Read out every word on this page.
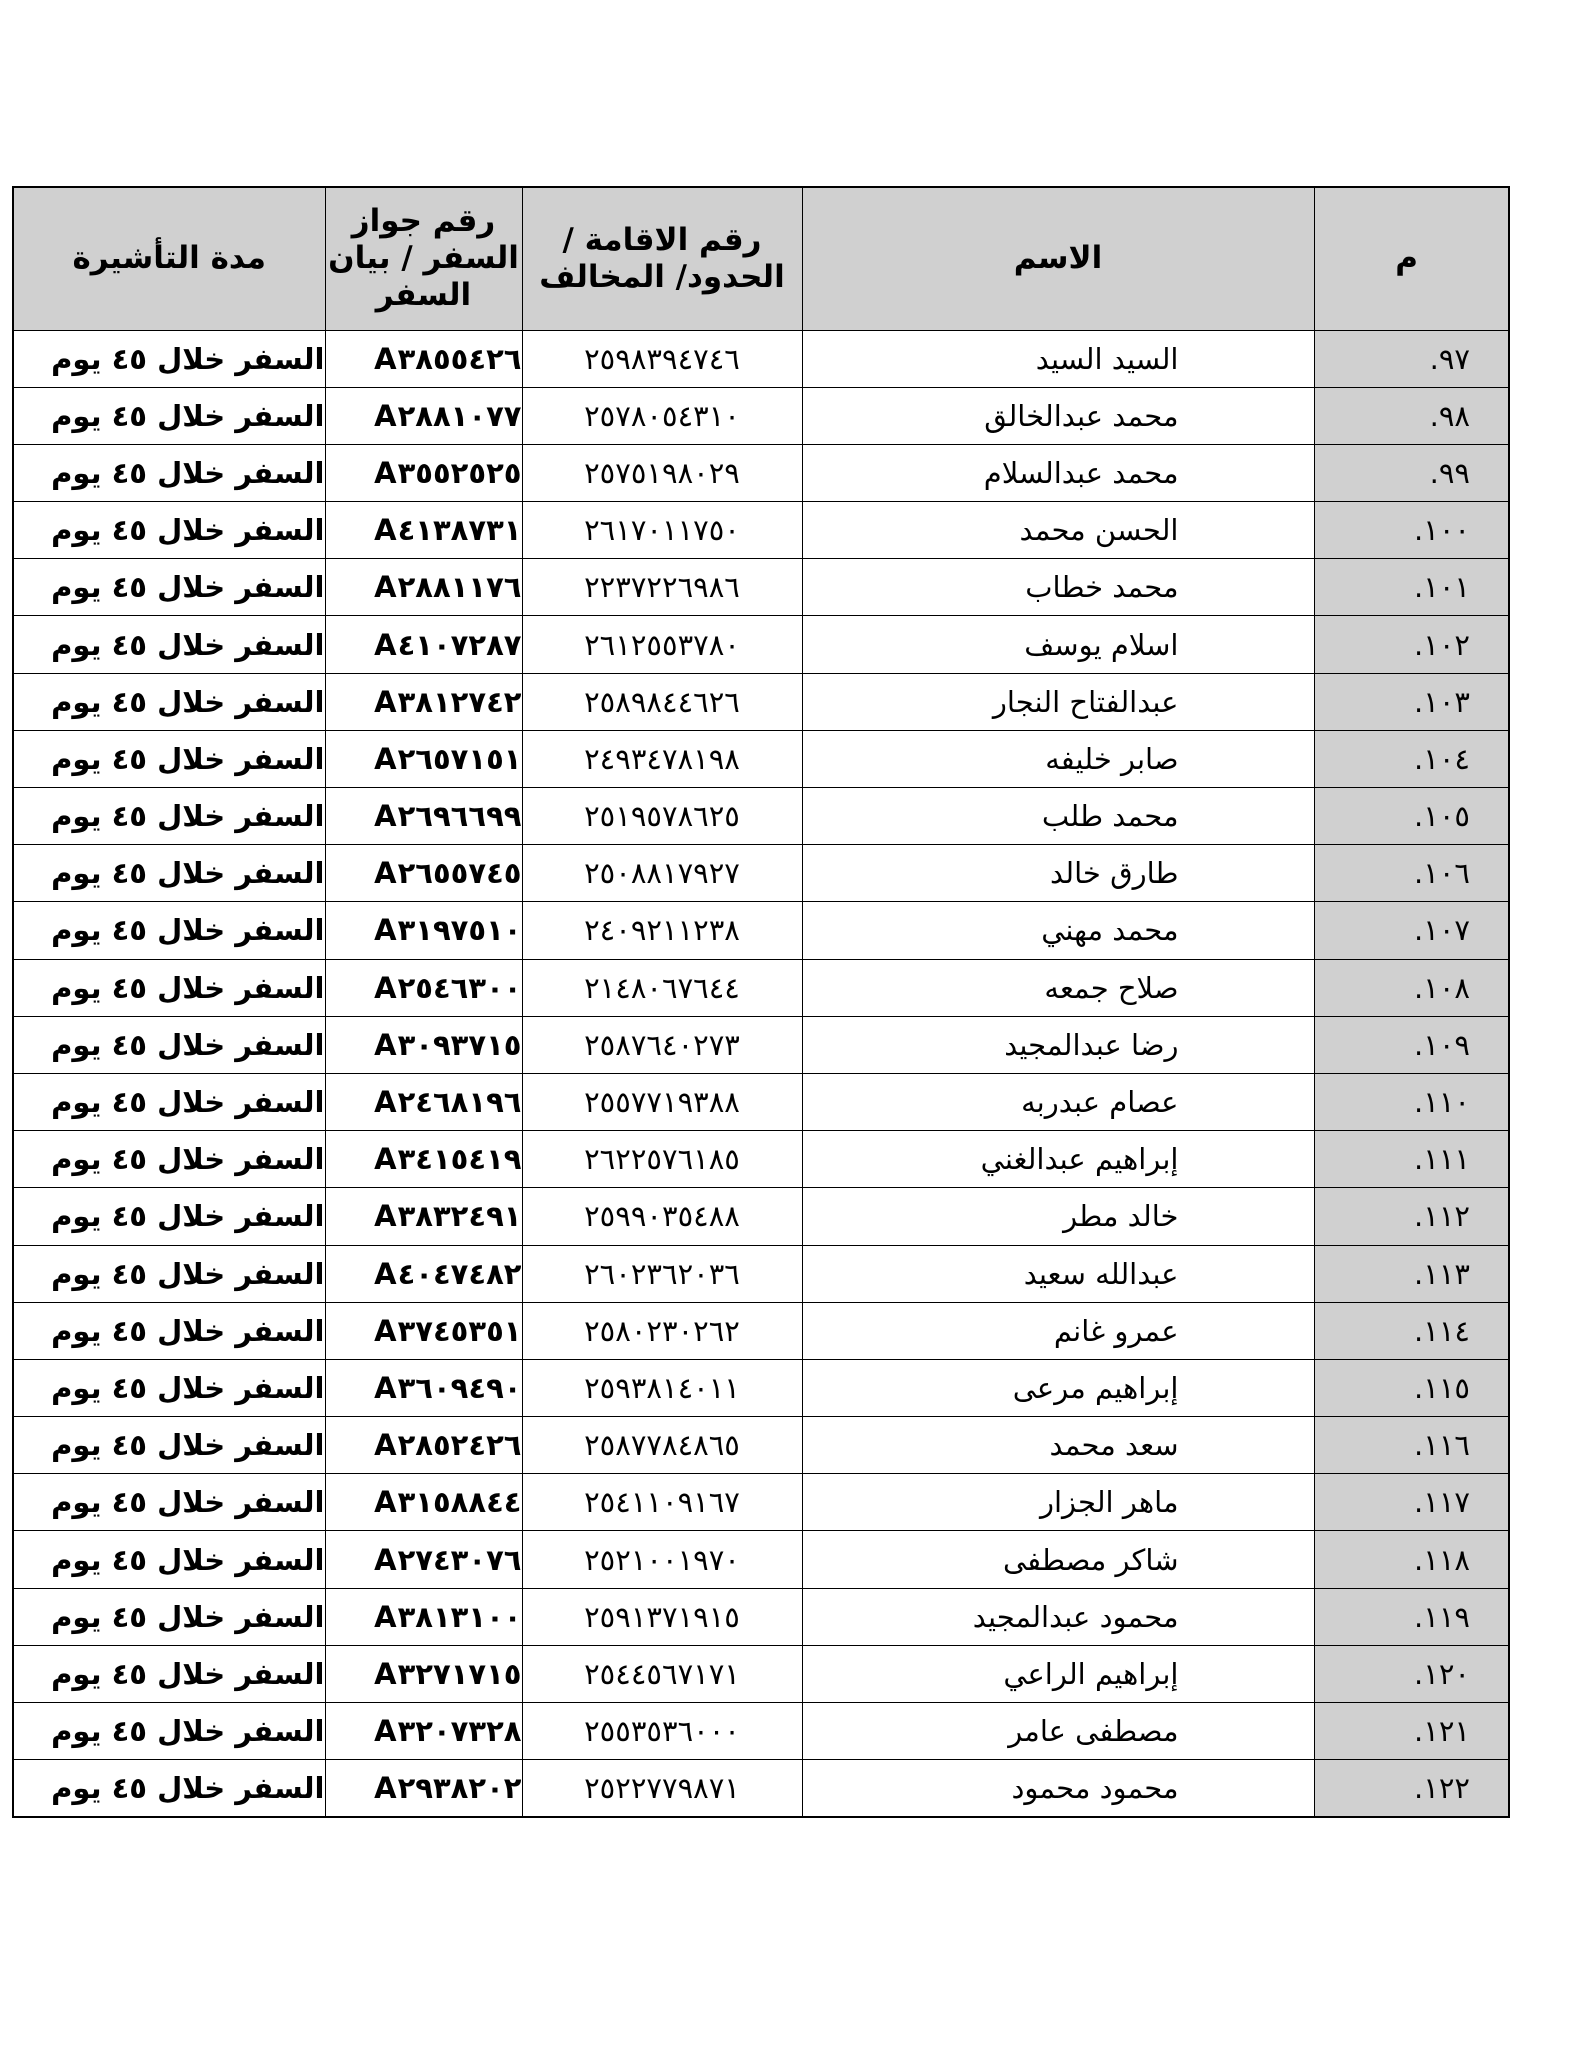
م	الاسم	رقم الاقامة / الحدود/ المخالف	رقم جواز السفر / بيان السفر	مدة التأشيرة
٩٧.	السيد السيد	٢٥٩٨٣٩٤٧٤٦	A٣٨٥٥٤٢٦	السفر خلال ٤٥ يوم
٩٨.	محمد عبدالخالق	٢٥٧٨٠٥٤٣١٠	A٢٨٨١٠٧٧	السفر خلال ٤٥ يوم
٩٩.	محمد عبدالسلام	٢٥٧٥١٩٨٠٢٩	A٣٥٥٢٥٢٥	السفر خلال ٤٥ يوم
١٠٠.	الحسن محمد	٢٦١٧٠١١٧٥٠	A٤١٣٨٧٣١	السفر خلال ٤٥ يوم
١٠١.	محمد خطاب	٢٢٣٧٢٢٦٩٨٦	A٢٨٨١١٧٦	السفر خلال ٤٥ يوم
١٠٢.	اسلام يوسف	٢٦١٢٥٥٣٧٨٠	A٤١٠٧٢٨٧	السفر خلال ٤٥ يوم
١٠٣.	عبدالفتاح النجار	٢٥٨٩٨٤٤٦٢٦	A٣٨١٢٧٤٢	السفر خلال ٤٥ يوم
١٠٤.	صابر خليفه	٢٤٩٣٤٧٨١٩٨	A٢٦٥٧١٥١	السفر خلال ٤٥ يوم
١٠٥.	محمد طلب	٢٥١٩٥٧٨٦٢٥	A٢٦٩٦٦٩٩	السفر خلال ٤٥ يوم
١٠٦.	طارق خالد	٢٥٠٨٨١٧٩٢٧	A٢٦٥٥٧٤٥	السفر خلال ٤٥ يوم
١٠٧.	محمد مهني	٢٤٠٩٢١١٢٣٨	A٣١٩٧٥١٠	السفر خلال ٤٥ يوم
١٠٨.	صلاح جمعه	٢١٤٨٠٦٧٦٤٤	A٢٥٤٦٣٠٠	السفر خلال ٤٥ يوم
١٠٩.	رضا عبدالمجيد	٢٥٨٧٦٤٠٢٧٣	A٣٠٩٣٧١٥	السفر خلال ٤٥ يوم
١١٠.	عصام عبدربه	٢٥٥٧٧١٩٣٨٨	A٢٤٦٨١٩٦	السفر خلال ٤٥ يوم
١١١.	إبراهيم عبدالغني	٢٦٢٢٥٧٦١٨٥	A٣٤١٥٤١٩	السفر خلال ٤٥ يوم
١١٢.	خالد مطر	٢٥٩٩٠٣٥٤٨٨	A٣٨٣٢٤٩١	السفر خلال ٤٥ يوم
١١٣.	عبدالله سعيد	٢٦٠٢٣٦٢٠٣٦	A٤٠٤٧٤٨٢	السفر خلال ٤٥ يوم
١١٤.	عمرو غانم	٢٥٨٠٢٣٠٢٦٢	A٣٧٤٥٣٥١	السفر خلال ٤٥ يوم
١١٥.	إبراهيم مرعى	٢٥٩٣٨١٤٠١١	A٣٦٠٩٤٩٠	السفر خلال ٤٥ يوم
١١٦.	سعد محمد	٢٥٨٧٧٨٤٨٦٥	A٢٨٥٢٤٢٦	السفر خلال ٤٥ يوم
١١٧.	ماهر الجزار	٢٥٤١١٠٩١٦٧	A٣١٥٨٨٤٤	السفر خلال ٤٥ يوم
١١٨.	شاكر مصطفى	٢٥٢١٠٠١٩٧٠	A٢٧٤٣٠٧٦	السفر خلال ٤٥ يوم
١١٩.	محمود عبدالمجيد	٢٥٩١٣٧١٩١٥	A٣٨١٣١٠٠	السفر خلال ٤٥ يوم
١٢٠.	إبراهيم الراعي	٢٥٤٤٥٦٧١٧١	A٣٢٧١٧١٥	السفر خلال ٤٥ يوم
١٢١.	مصطفى عامر	٢٥٥٣٥٣٦٠٠٠	A٣٢٠٧٣٢٨	السفر خلال ٤٥ يوم
١٢٢.	محمود محمود	٢٥٢٢٧٧٩٨٧١	A٢٩٣٨٢٠٢	السفر خلال ٤٥ يوم
